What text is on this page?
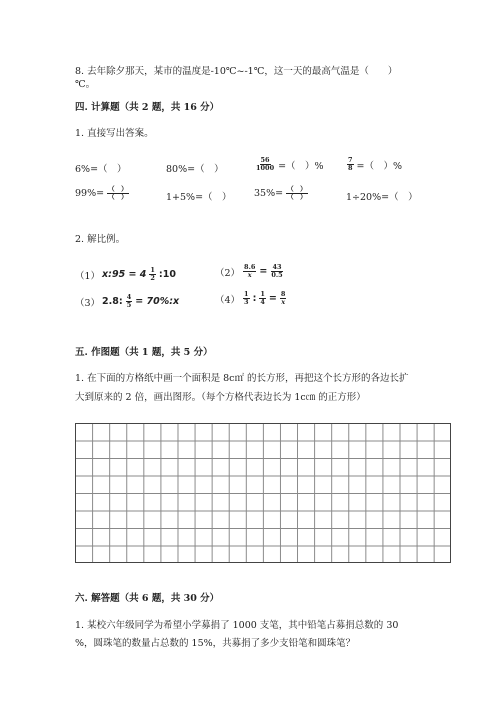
8. 去年除夕那天，某市的温度是-10℃~-1℃，这一天的最高气温是（　　）
℃。
四. 计算题（共 2 题，共 16 分）
1. 直接写出答案。
6%=（　）	80%=（　）	$\frac{56}{1000}$ =（　）%	$\frac{7}{8}$ =（　）%
$99\%= \frac{( )}{( )}$	1+5%=（　） $35\%= \frac{( )}{( )}$	1÷20%=（　）
2. 解比例。
（1） x:95 = $4 \frac{1}{2}$ :10	$(2) \frac{8.6}{x} = \frac{43}{0.5}$
（3） 2.8: $\frac{4}{5}$ = 70%:x	$(4) \frac{1}{3}$ : $\frac{1}{4} = \frac{8}{x}$
五. 作图题（共 1 题，共 5 分）
1. 在下面的方格纸中画一个面积是 8c㎡ 的长方形，再把这个长方形的各边长扩
大到原来的 2 倍，画出图形。（每个方格代表边长为 1c㎝ 的正方形）
六. 解答题（共 6 题，共 30 分）
1. 某校六年级同学为希望小学募捐了 1000 支笔，其中铅笔占募捐总数的 30
%，圆珠笔的数量占总数的 15%，共募捐了多少支铅笔和圆珠笔？
